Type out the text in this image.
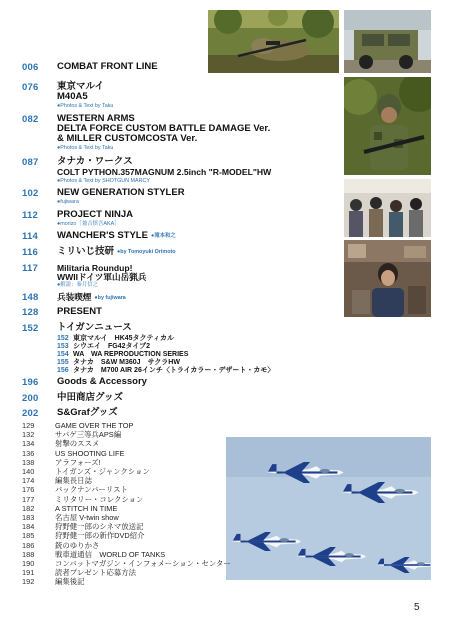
006 COMBAT FRONT LINE
076 東京マルイ
M40A5
●Photos & Text by Taku
082 WESTERN ARMS
DELTA FORCE CUSTOM BATTLE DAMAGE Ver.
& MILLER CUSTOMCOSTA Ver.
●Photos & Text by Taku
087 タナカ・ワークス
COLT PYTHON.357MAGNUM 2.5inch "R-MODEL"HW
●Photos & Text by SHOTGUN MARCY
102 NEW GENERATION STYLER
●fujiwara
112 PROJECT NINJA
●morizo［兼吉慎吾AKA］
114 WANCHER'S STYLE ●滝本和之
116 ミリいじ技研 ●by Tomoyuki Orimoto
117 Militaria Roundup!
WWIIドイツ軍山岳猟兵
●解説：秦月信之
148 兵装喫煙 ●by fujiwara
128 PRESENT
152 トイガンニュース
152 東京マルイ　HK45タクティカル
153 シウエイ　FG42タイプ2
154 WA　WA REPRODUCTION SERIES
155 タナカ　S&W M360J　サクラHW
156 タナカ　M700 AIR 26インチ〈トライカラー・デザート・カモ〉
196 Goods & Accessory
200 中田商店グッズ
202 S&Grafグッズ
129	GAME OVER THE TOP
132	サバゲ三等兵APS編
134	射撃のススメ
136	US SHOOTING LIFE
138	アラフォーズ!
140	トイガンズ・ジャンクション
174	編集長日誌
176	バックナンバーリスト
177	ミリタリー・コレクション
182	A STITCH IN TIME
183	名古屋 V-twin show
184	狩野健一郎のシネマ放送記
185	狩野健一郎の新作DVD紹介
186	銃のゆりかさ
188	戦車道通信　WORLD OF TANKS
190	コンバットマガジン・インフォメーション・センター
191	読者プレゼント応募方法
192	編集後記
5
